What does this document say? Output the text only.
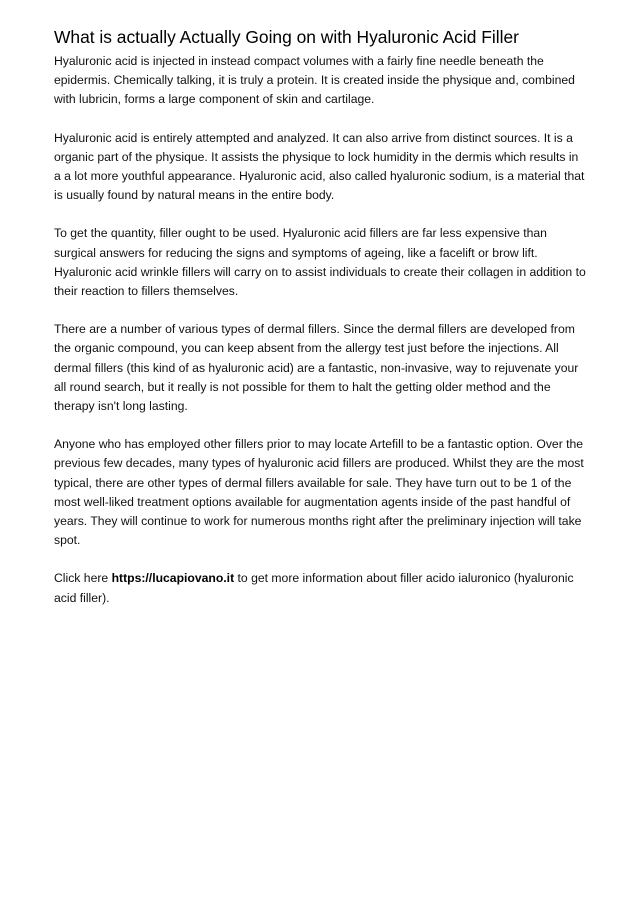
What is actually Actually Going on with Hyaluronic Acid Filler

Hyaluronic acid is injected in instead compact volumes with a fairly fine needle beneath the epidermis. Chemically talking, it is truly a protein. It is created inside the physique and, combined with lubricin, forms a large component of skin and cartilage.

Hyaluronic acid is entirely attempted and analyzed. It can also arrive from distinct sources. It is a organic part of the physique. It assists the physique to lock humidity in the dermis which results in a a lot more youthful appearance. Hyaluronic acid, also called hyaluronic sodium, is a material that is usually found by natural means in the entire body.

To get the quantity, filler ought to be used. Hyaluronic acid fillers are far less expensive than surgical answers for reducing the signs and symptoms of ageing, like a facelift or brow lift. Hyaluronic acid wrinkle fillers will carry on to assist individuals to create their collagen in addition to their reaction to fillers themselves.

There are a number of various types of dermal fillers. Since the dermal fillers are developed from the organic compound, you can keep absent from the allergy test just before the injections. All dermal fillers (this kind of as hyaluronic acid) are a fantastic, non-invasive, way to rejuvenate your all round search, but it really is not possible for them to halt the getting older method and the therapy isn't long lasting.

Anyone who has employed other fillers prior to may locate Artefill to be a fantastic option. Over the previous few decades, many types of hyaluronic acid fillers are produced. Whilst they are the most typical, there are other types of dermal fillers available for sale. They have turn out to be 1 of the most well-liked treatment options available for augmentation agents inside of the past handful of years. They will continue to work for numerous months right after the preliminary injection will take spot.

Click here https://lucapiovano.it to get more information about filler acido ialuronico (hyaluronic acid filler).
